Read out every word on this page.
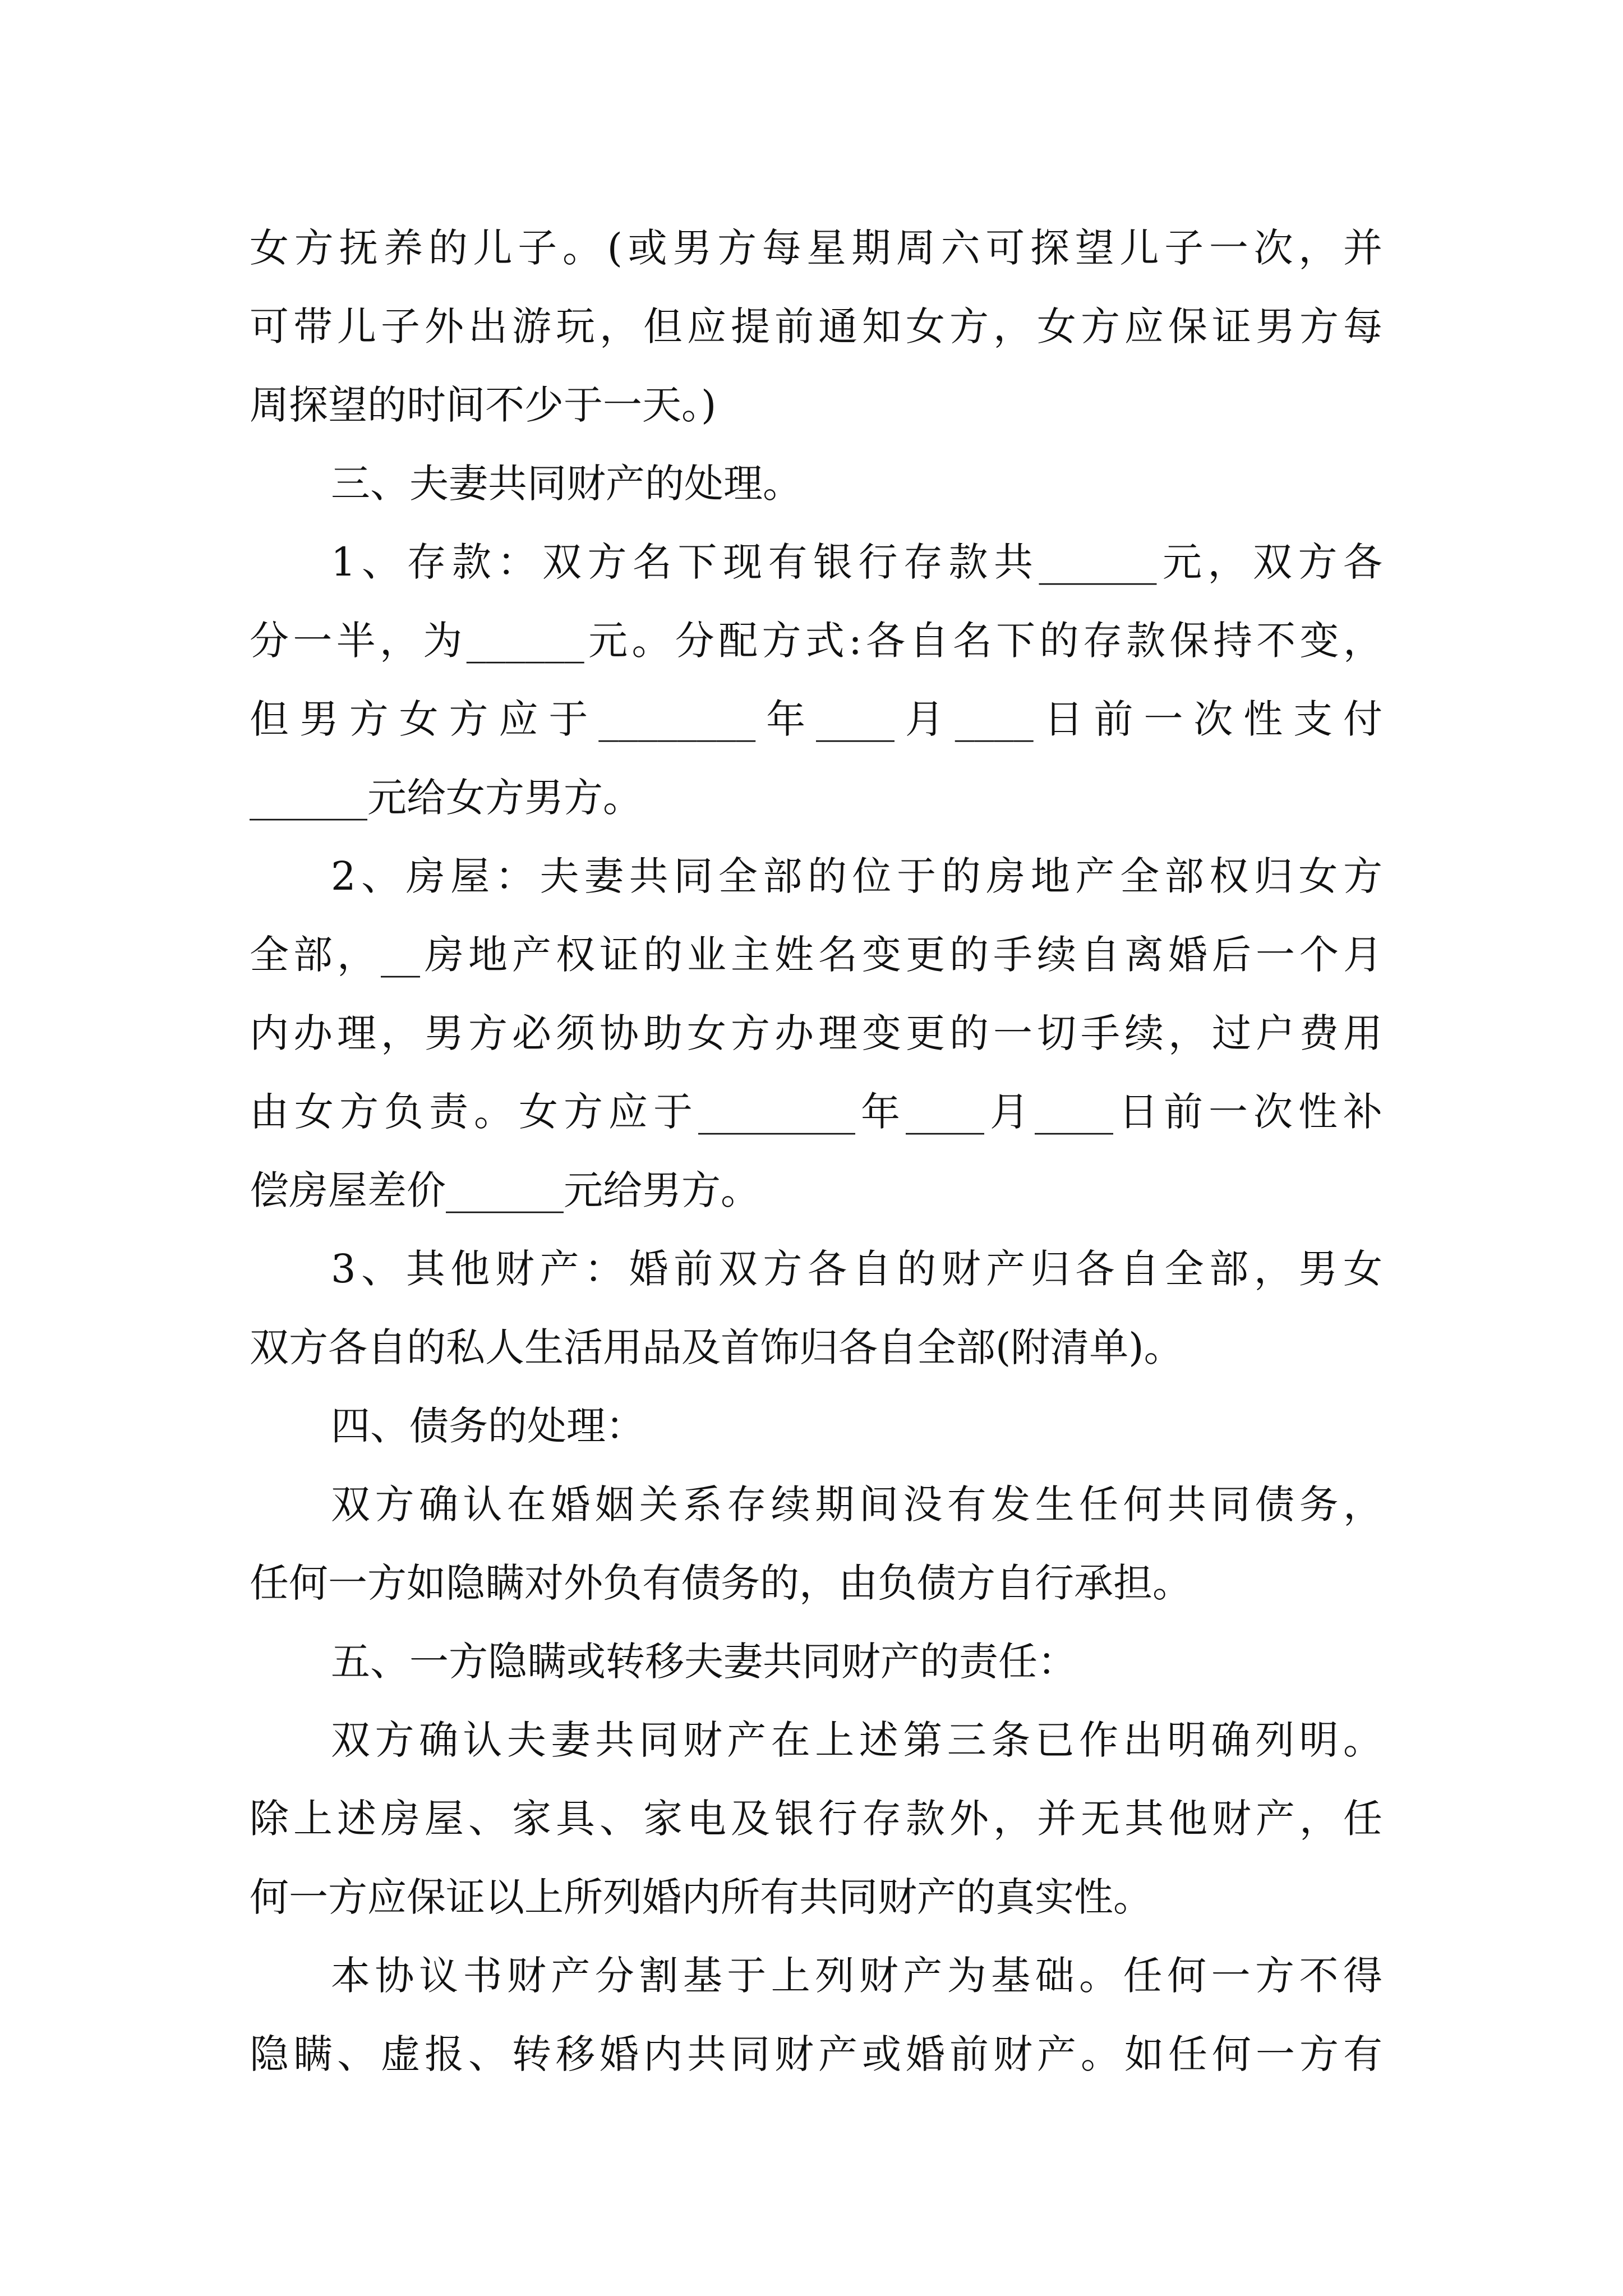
女方抚养的儿子。(或男方每星期周六可探望儿子一次，并
可带儿子外出游玩，但应提前通知女方，女方应保证男方每
周探望的时间不少于一天。)
三、夫妻共同财产的处理。
1、存款：双方名下现有银行存款共______元，双方各
分一半，为______元。分配方式:各自名下的存款保持不变，
但男方女方应于________年____月____日前一次性支付
______元给女方男方。
2、房屋：夫妻共同全部的位于的房地产全部权归女方
全部，__房地产权证的业主姓名变更的手续自离婚后一个月
内办理，男方必须协助女方办理变更的一切手续，过户费用
由女方负责。女方应于________年____月____日前一次性补
偿房屋差价______元给男方。
3、其他财产：婚前双方各自的财产归各自全部，男女
双方各自的私人生活用品及首饰归各自全部(附清单)。
四、债务的处理：
双方确认在婚姻关系存续期间没有发生任何共同债务，
任何一方如隐瞒对外负有债务的，由负债方自行承担。
五、一方隐瞒或转移夫妻共同财产的责任：
双方确认夫妻共同财产在上述第三条已作出明确列明。
除上述房屋、家具、家电及银行存款外，并无其他财产，任
何一方应保证以上所列婚内所有共同财产的真实性。
本协议书财产分割基于上列财产为基础。任何一方不得
隐瞒、虚报、转移婚内共同财产或婚前财产。如任何一方有
